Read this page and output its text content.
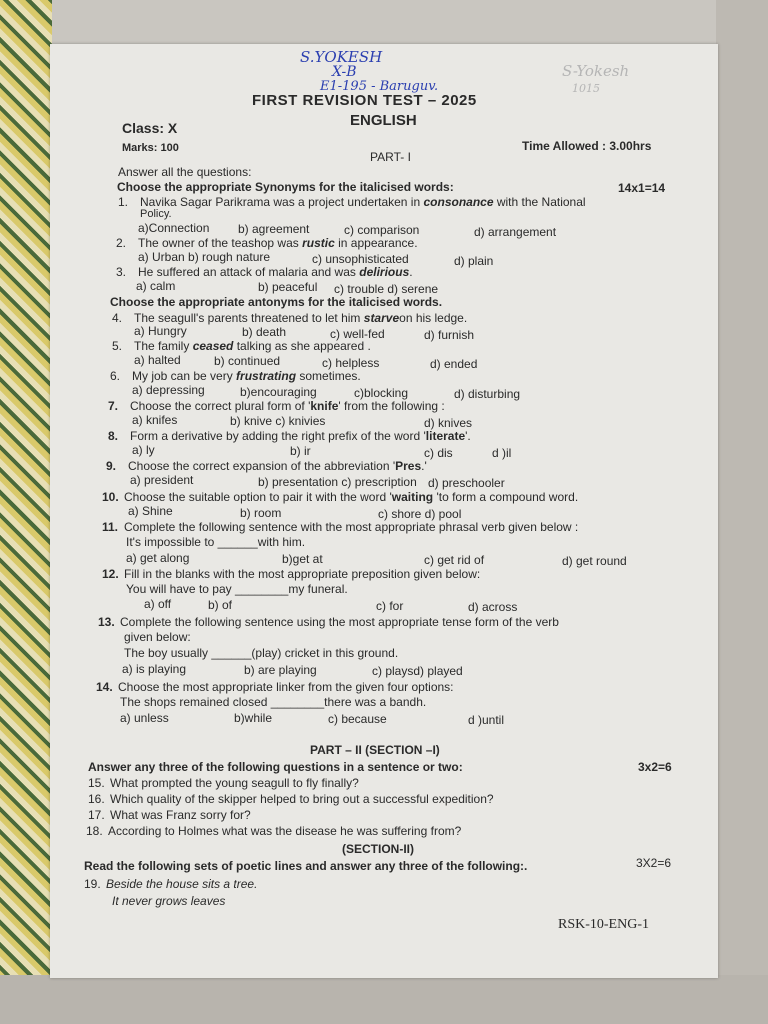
S.YOKESH
X-B
E1-195 - Baruguv.
S-Yokesh
1015
FIRST REVISION TEST – 2025
Class: X	ENGLISH
Marks: 100	Time Allowed : 3.00hrs
PART- I
Answer all the questions:
Choose the appropriate Synonyms for the italicised words:	14x1=14
1. Navika Sagar Parikrama was a project undertaken in consonance with the National
Policy.
a)Connection b) agreement	c) comparison	d) arrangement
2. The owner of the teashop was rustic in appearance.
a) Urban b) rough nature	c) unsophisticated	d) plain
3. He suffered an attack of malaria and was delirious.
a) calm	b) peaceful c) trouble d) serene
Choose the appropriate antonyms for the italicised words.
4. The seagull's parents threatened to let him starveon his ledge.
a) Hungry	b) death	c) well-fed	d) furnish
5. The family ceased talking as she appeared .
a) halted	b) continued	c) helpless	d) ended
6. My job can be very frustrating sometimes.
a) depressing	b)encouraging	c)blocking	d) disturbing
7. Choose the correct plural form of 'knife' from the following :
a) knifes	b) knive c) knivies	d) knives
8. Form a derivative by adding the right prefix of the word 'literate'.
a) ly	b) ir	c) dis	d )il
9. Choose the correct expansion of the abbreviation 'Pres.'
a) president	b) presentation c) prescription d) preschooler
10. Choose the suitable option to pair it with the word 'waiting 'to form a compound word.
a) Shine	b) room	c) shore d) pool
11. Complete the following sentence with the most appropriate phrasal verb given below :
It's impossible to ______with him.
a) get along	b)get at	c) get rid of	d) get round
12. Fill in the blanks with the most appropriate preposition given below:
You will have to pay ________my funeral.
a) off	b) of	c) for	d) across
13. Complete the following sentence using the most appropriate tense form of the verb
given below:
The boy usually ______(play) cricket in this ground.
a) is playing	b) are playing	c) playsd) played
14. Choose the most appropriate linker from the given four options:
The shops remained closed ________there was a bandh.
a) unless	b)while	c) because	d )until
PART – II (SECTION –I)
Answer any three of the following questions in a sentence or two:	3x2=6
15. What prompted the young seagull to fly finally?
16. Which quality of the skipper helped to bring out a successful expedition?
17. What was Franz sorry for?
18. According to Holmes what was the disease he was suffering from?
(SECTION-II)
Read the following sets of poetic lines and answer any three of the following:.	3X2=6
19. Beside the house sits a tree.
It never grows leaves
RSK-10-ENG-1
